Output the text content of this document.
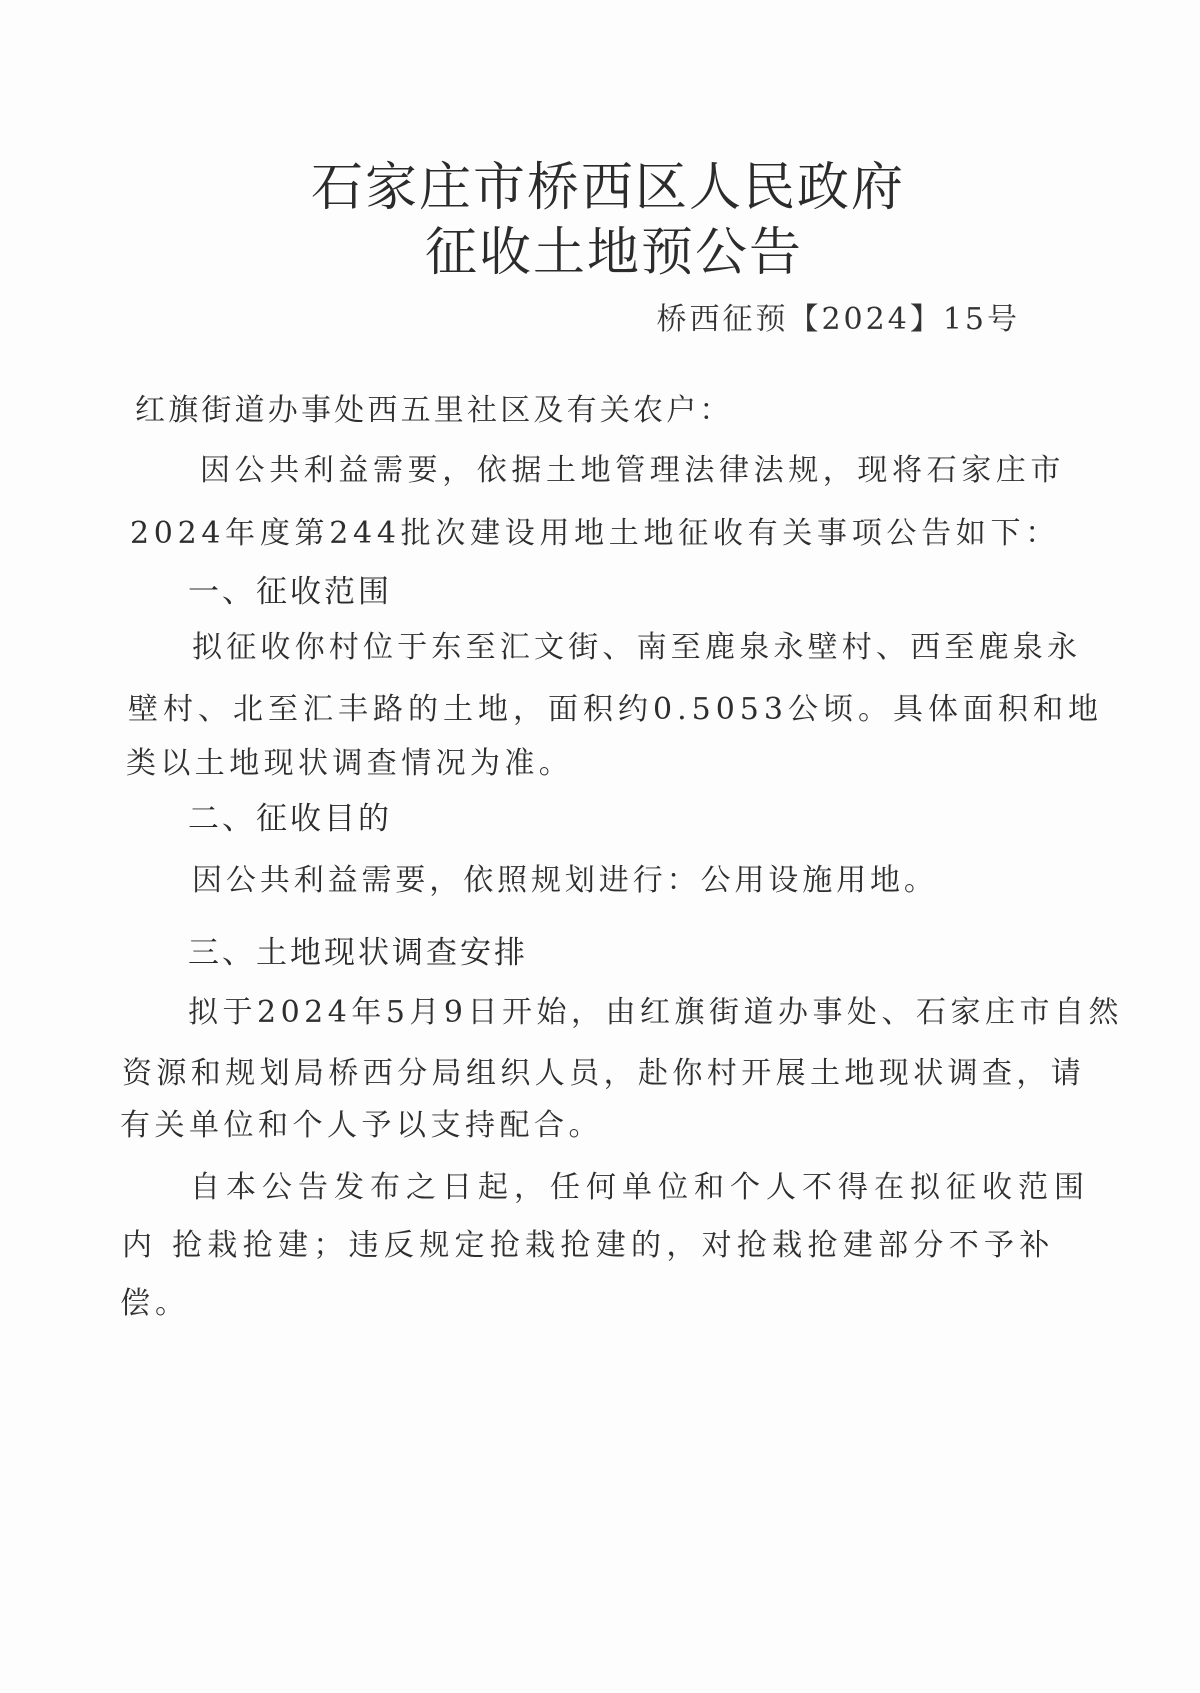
石家庄市桥西区人民政府
征收土地预公告
桥西征预【2024】15号
红旗街道办事处西五里社区及有关农户：
因公共利益需要，依据土地管理法律法规，现将石家庄市
2024年度第244批次建设用地土地征收有关事项公告如下：
一、征收范围
拟征收你村位于东至汇文街、南至鹿泉永壁村、西至鹿泉永
壁村、北至汇丰路的土地，面积约0.5053公顷。具体面积和地
类以土地现状调查情况为准。
二、征收目的
因公共利益需要，依照规划进行：公用设施用地。
三、土地现状调查安排
拟于2024年5月9日开始，由红旗街道办事处、石家庄市自然
资源和规划局桥西分局组织人员，赴你村开展土地现状调查，请
有关单位和个人予以支持配合。
自本公告发布之日起，任何单位和个人不得在拟征收范围
内 抢栽抢建；违反规定抢栽抢建的，对抢栽抢建部分不予补
偿。
